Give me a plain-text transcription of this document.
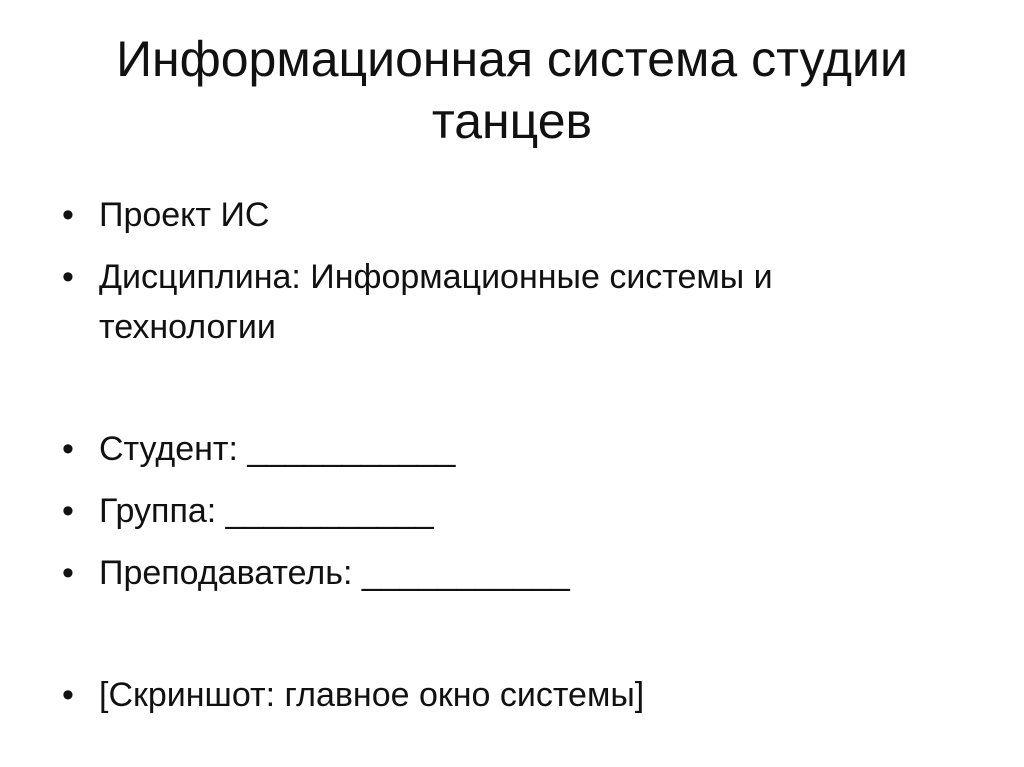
Информационная система студии
танцев
• Проект ИС
• Дисциплина: Информационные системы и
технологии
• Студент: ___________
• Группа: ___________
• Преподаватель: ___________
• [Скриншот: главное окно системы]
